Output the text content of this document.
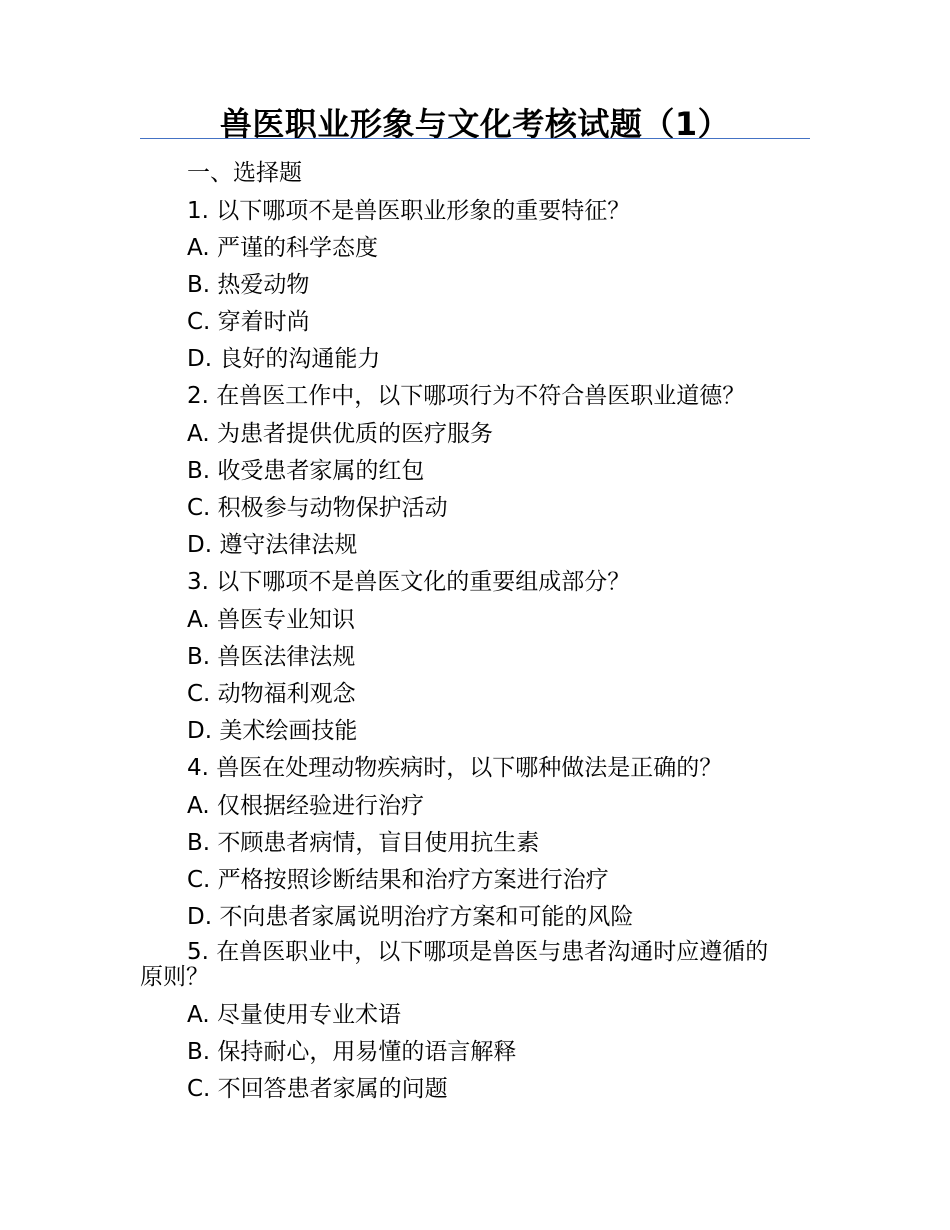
兽医职业形象与文化考核试题（1）
一、选择题
1. 以下哪项不是兽医职业形象的重要特征？
A. 严谨的科学态度
B. 热爱动物
C. 穿着时尚
D. 良好的沟通能力
2. 在兽医工作中，以下哪项行为不符合兽医职业道德？
A. 为患者提供优质的医疗服务
B. 收受患者家属的红包
C. 积极参与动物保护活动
D. 遵守法律法规
3. 以下哪项不是兽医文化的重要组成部分？
A. 兽医专业知识
B. 兽医法律法规
C. 动物福利观念
D. 美术绘画技能
4. 兽医在处理动物疾病时，以下哪种做法是正确的？
A. 仅根据经验进行治疗
B. 不顾患者病情，盲目使用抗生素
C. 严格按照诊断结果和治疗方案进行治疗
D. 不向患者家属说明治疗方案和可能的风险
5. 在兽医职业中，以下哪项是兽医与患者沟通时应遵循的
原则？
A. 尽量使用专业术语
B. 保持耐心，用易懂的语言解释
C. 不回答患者家属的问题
